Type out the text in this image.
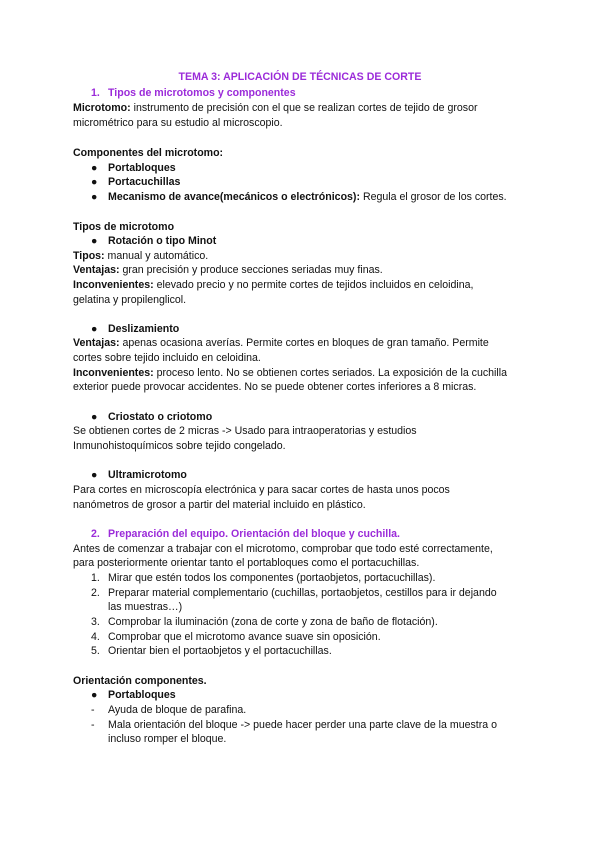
TEMA 3: APLICACIÓN DE TÉCNICAS DE CORTE
1. Tipos de microtomos y componentes
Microtomo: instrumento de precisión con el que se realizan cortes de tejido de grosor
micrométrico para su estudio al microscopio.
Componentes del microtomo:
● Portabloques
● Portacuchillas
● Mecanismo de avance(mecánicos o electrónicos): Regula el grosor de los cortes.
Tipos de microtomo
● Rotación o tipo Minot
Tipos: manual y automático.
Ventajas: gran precisión y produce secciones seriadas muy finas.
Inconvenientes: elevado precio y no permite cortes de tejidos incluidos en celoidina,
gelatina y propilenglicol.
● Deslizamiento
Ventajas: apenas ocasiona averías. Permite cortes en bloques de gran tamaño. Permite
cortes sobre tejido incluido en celoidina.
Inconvenientes: proceso lento. No se obtienen cortes seriados. La exposición de la cuchilla
exterior puede provocar accidentes. No se puede obtener cortes inferiores a 8 micras.
● Criostato o criotomo
Se obtienen cortes de 2 micras -> Usado para intraoperatorias y estudios
Inmunohistoquímicos sobre tejido congelado.
● Ultramicrotomo
Para cortes en microscopía electrónica y para sacar cortes de hasta unos pocos
nanómetros de grosor a partir del material incluido en plástico.
2. Preparación del equipo. Orientación del bloque y cuchilla.
Antes de comenzar a trabajar con el microtomo, comprobar que todo esté correctamente,
para posteriormente orientar tanto el portabloques como el portacuchillas.
1. Mirar que estén todos los componentes (portaobjetos, portacuchillas).
2. Preparar material complementario (cuchillas, portaobjetos, cestillos para ir dejando
las muestras…)
3. Comprobar la iluminación (zona de corte y zona de baño de flotación).
4. Comprobar que el microtomo avance suave sin oposición.
5. Orientar bien el portaobjetos y el portacuchillas.
Orientación componentes.
● Portabloques
- Ayuda de bloque de parafina.
- Mala orientación del bloque -> puede hacer perder una parte clave de la muestra o
incluso romper el bloque.
